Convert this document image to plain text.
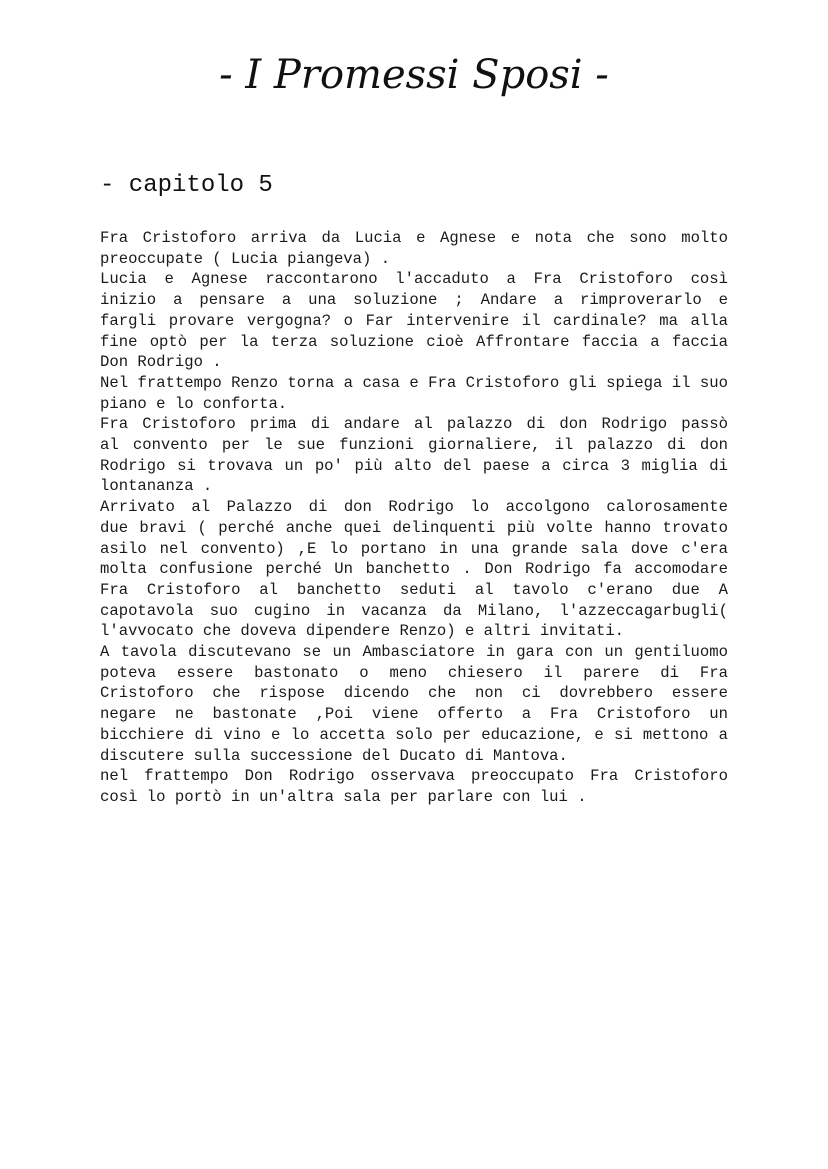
- I Promessi Sposi -
- capitolo 5
Fra Cristoforo arriva da Lucia e Agnese e nota che sono molto
preoccupate ( Lucia piangeva) .
Lucia e Agnese raccontarono l'accaduto a Fra Cristoforo così
inizio a pensare a una soluzione ; Andare a rimproverarlo e
fargli provare vergogna? o Far intervenire il cardinale? ma alla
fine optò per la terza soluzione cioè Affrontare faccia a faccia
Don Rodrigo .
Nel frattempo Renzo torna a casa e Fra Cristoforo gli spiega il suo
piano e lo conforta.
Fra Cristoforo prima di andare al palazzo di don Rodrigo passò
al convento per le sue funzioni giornaliere, il palazzo di don
Rodrigo si trovava un po' più alto del paese a circa 3 miglia di
lontananza .
Arrivato al Palazzo di don Rodrigo lo accolgono calorosamente
due bravi ( perché anche quei delinquenti più volte hanno trovato
asilo nel convento) ,E lo portano in una grande sala dove c'era
molta confusione perché Un banchetto . Don Rodrigo fa accomodare
Fra Cristoforo al banchetto seduti al tavolo c'erano due A
capotavola suo cugino in vacanza da Milano, l'azzeccagarbugli(
l'avvocato che doveva dipendere Renzo) e altri invitati.
A tavola discutevano se un Ambasciatore in gara con un gentiluomo
poteva essere bastonato o meno chiesero il parere di Fra
Cristoforo che rispose dicendo che non ci dovrebbero essere
negare ne bastonate ,Poi viene offerto a Fra Cristoforo un
bicchiere di vino e lo accetta solo per educazione, e si mettono a
discutere sulla successione del Ducato di Mantova.
nel frattempo Don Rodrigo osservava preoccupato Fra Cristoforo
così lo portò in un'altra sala per parlare con lui .
